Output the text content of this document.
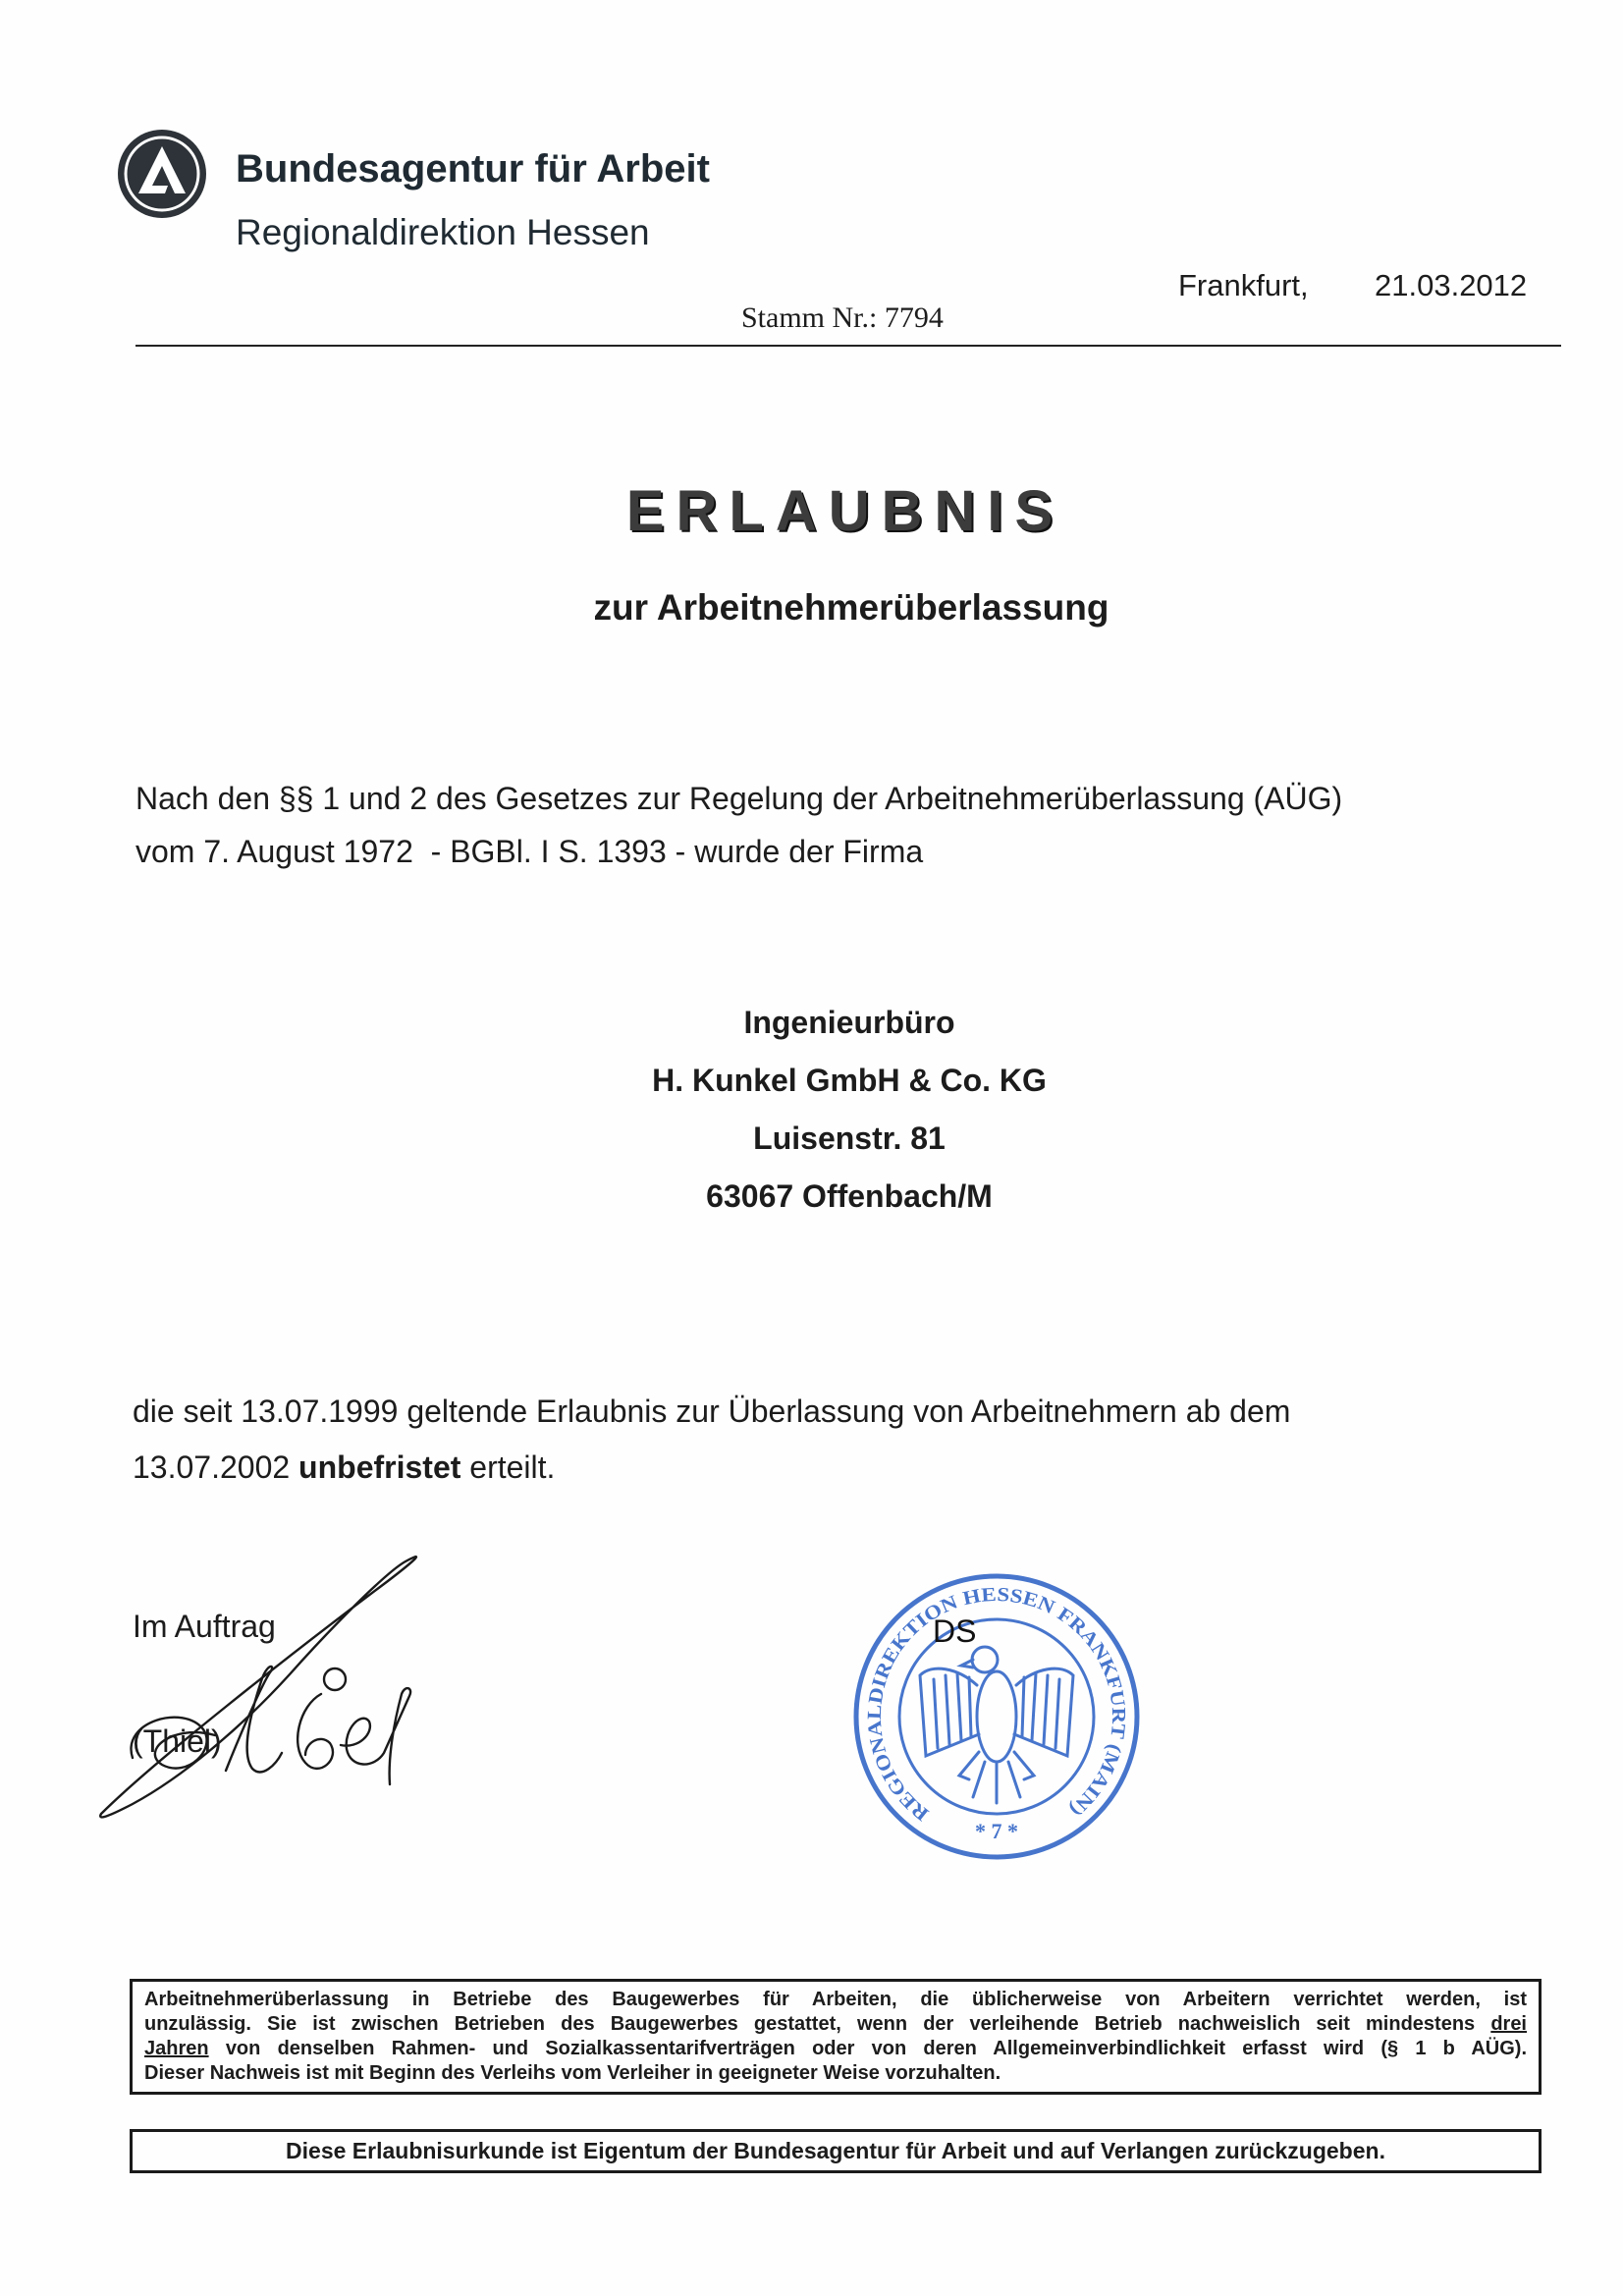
Bundesagentur für Arbeit
Regionaldirektion Hessen
Frankfurt, 21.03.2012
Stamm Nr.: 7794
ERLAUBNIS
zur Arbeitnehmerüberlassung
Nach den §§ 1 und 2 des Gesetzes zur Regelung der Arbeitnehmerüberlassung (AÜG)
vom 7. August 1972  - BGBl. I S. 1393 - wurde der Firma
Ingenieurbüro
H. Kunkel GmbH & Co. KG
Luisenstr. 81
63067 Offenbach/M
die seit 13.07.1999 geltende Erlaubnis zur Überlassung von Arbeitnehmern ab dem
13.07.2002 unbefristet erteilt.
Im Auftrag
(Thiel)
REGIONALDIREKTION HESSEN FRANKFURT (MAIN)
* 7 *
DS
Arbeitnehmerüberlassung in Betriebe des Baugewerbes für Arbeiten, die üblicherweise von Arbeitern verrichtet werden, ist
unzulässig. Sie ist zwischen Betrieben des Baugewerbes gestattet, wenn der verleihende Betrieb nachweislich seit mindestens drei
Jahren von denselben Rahmen- und Sozialkassentarifverträgen oder von deren Allgemeinverbindlichkeit erfasst wird (§ 1 b AÜG).
Dieser Nachweis ist mit Beginn des Verleihs vom Verleiher in geeigneter Weise vorzuhalten.
Diese Erlaubnisurkunde ist Eigentum der Bundesagentur für Arbeit und auf Verlangen zurückzugeben.
